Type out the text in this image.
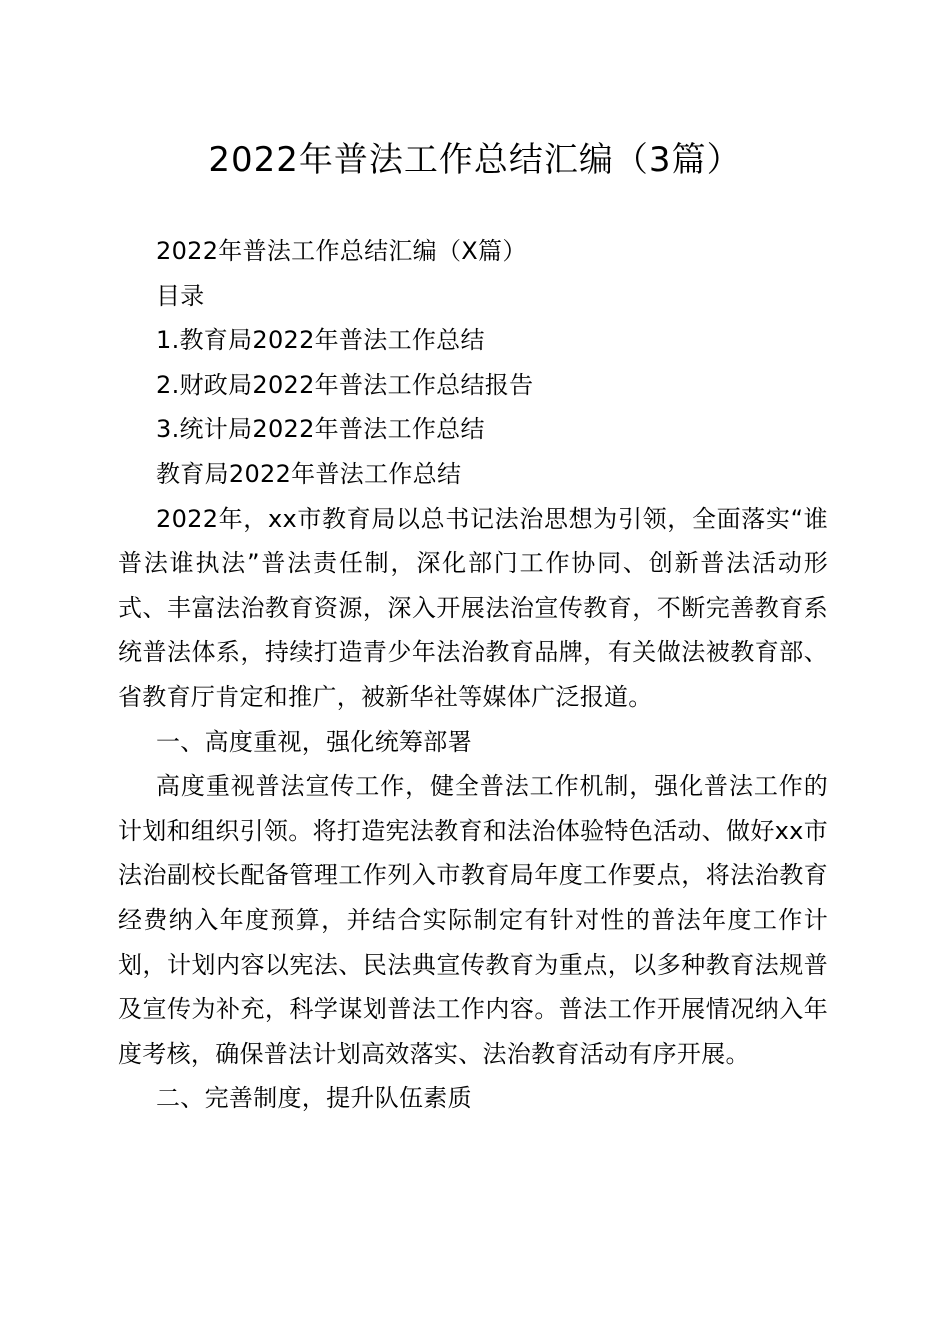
2022年普法工作总结汇编（3篇）

2022年普法工作总结汇编（X篇）

目录

1.教育局2022年普法工作总结

2.财政局2022年普法工作总结报告

3.统计局2022年普法工作总结

教育局2022年普法工作总结

2022年，xx市教育局以总书记法治思想为引领，全面落实“谁普法谁执法”普法责任制，深化部门工作协同、创新普法活动形式、丰富法治教育资源，深入开展法治宣传教育，不断完善教育系统普法体系，持续打造青少年法治教育品牌，有关做法被教育部、省教育厅肯定和推广，被新华社等媒体广泛报道。

一、高度重视，强化统筹部署

高度重视普法宣传工作，健全普法工作机制，强化普法工作的计划和组织引领。将打造宪法教育和法治体验特色活动、做好xx市法治副校长配备管理工作列入市教育局年度工作要点，将法治教育经费纳入年度预算，并结合实际制定有针对性的普法年度工作计划，计划内容以宪法、民法典宣传教育为重点，以多种教育法规普及宣传为补充，科学谋划普法工作内容。普法工作开展情况纳入年度考核，确保普法计划高效落实、法治教育活动有序开展。

二、完善制度，提升队伍素质
